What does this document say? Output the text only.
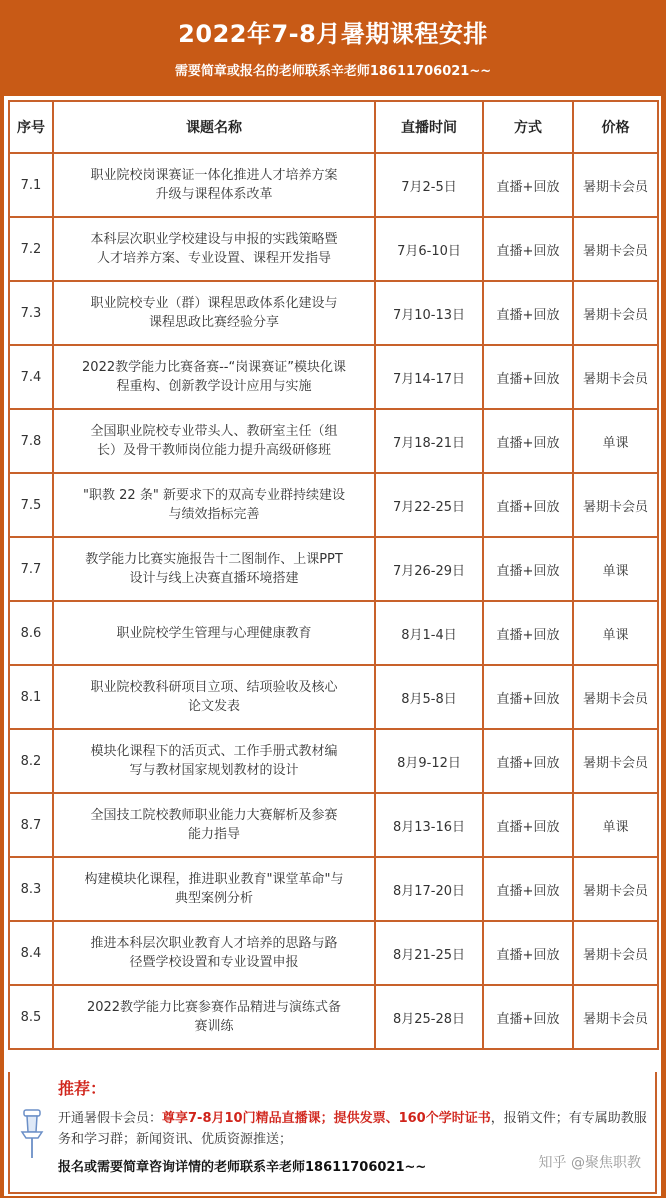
2022年7-8月暑期课程安排
需要简章或报名的老师联系辛老师18611706021~~
序号	课题名称	直播时间	方式	价格
7.1	职业院校岗课赛证一体化推进人才培养方案
升级与课程体系改革	7月2-5日	直播+回放	暑期卡会员
7.2	本科层次职业学校建设与申报的实践策略暨
人才培养方案、专业设置、课程开发指导	7月6-10日	直播+回放	暑期卡会员
7.3	职业院校专业（群）课程思政体系化建设与
课程思政比赛经验分享	7月10-13日	直播+回放	暑期卡会员
7.4	2022教学能力比赛备赛--“岗课赛证”模块化课
程重构、创新教学设计应用与实施	7月14-17日	直播+回放	暑期卡会员
7.8	全国职业院校专业带头人、教研室主任（组
长）及骨干教师岗位能力提升高级研修班	7月18-21日	直播+回放	单课
7.5	"职教 22 条" 新要求下的双高专业群持续建设
与绩效指标完善	7月22-25日	直播+回放	暑期卡会员
7.7	教学能力比赛实施报告十二图制作、上课PPT
设计与线上决赛直播环境搭建	7月26-29日	直播+回放	单课
8.6	职业院校学生管理与心理健康教育	8月1-4日	直播+回放	单课
8.1	职业院校教科研项目立项、结项验收及核心
论文发表	8月5-8日	直播+回放	暑期卡会员
8.2	模块化课程下的活页式、工作手册式教材编
写与教材国家规划教材的设计	8月9-12日	直播+回放	暑期卡会员
8.7	全国技工院校教师职业能力大赛解析及参赛
能力指导	8月13-16日	直播+回放	单课
8.3	构建模块化课程，推进职业教育"课堂革命"与
典型案例分析	8月17-20日	直播+回放	暑期卡会员
8.4	推进本科层次职业教育人才培养的思路与路
径暨学校设置和专业设置申报	8月21-25日	直播+回放	暑期卡会员
8.5	2022教学能力比赛参赛作品精进与演练式备
赛训练	8月25-28日	直播+回放	暑期卡会员
推荐：
开通暑假卡会员：尊享7-8月10门精品直播课；提供发票、160个学时证书，报销文件；有专属助教服务和学习群；新闻资讯、优质资源推送；
报名或需要简章咨询详情的老师联系辛老师18611706021~~	知乎 @聚焦职教
